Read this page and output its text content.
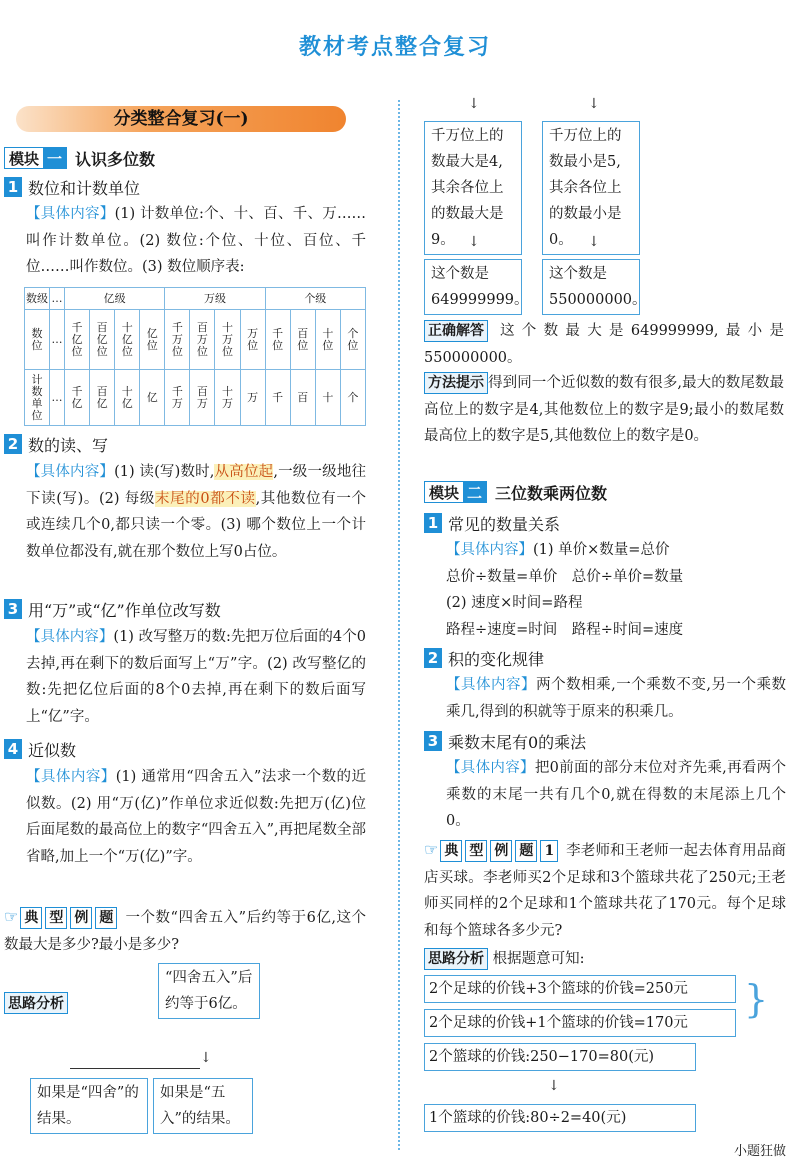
教材考点整合复习
分类整合复习(一)
模块 一 认识多位数
1 数位和计数单位
【具体内容】(1) 计数单位:个、十、百、千、万……叫作计数单位。(2) 数位:个位、十位、百位、千位……叫作数位。(3) 数位顺序表:
数级	…	亿级				万级				个级			

数位	…	千亿位	百亿位	十亿位	亿位	千万位	百万位	十万位	万位	千位	百位	十位	个位

计数单位	…	千亿	百亿	十亿	亿	千万	百万	十万	万	千	百	十	个
2 数的读、写
【具体内容】(1) 读(写)数时,从高位起,一级一级地往下读(写)。(2) 每级末尾的0都不读,其他数位有一个或连续几个0,都只读一个零。(3) 哪个数位上一个计数单位都没有,就在那个数位上写0占位。
3 用“万”或“亿”作单位改写数
【具体内容】(1) 改写整万的数:先把万位后面的4个0去掉,再在剩下的数后面写上“万”字。(2) 改写整亿的数:先把亿位后面的8个0去掉,再在剩下的数后面写上“亿”字。
4 近似数
【具体内容】(1) 通常用“四舍五入”法求一个数的近似数。(2) 用“万(亿)”作单位求近似数:先把万(亿)位后面尾数的最高位上的数字“四舍五入”,再把尾数全部省略,加上一个“万(亿)”字。
☞ 典 型 例 题 一个数“四舍五入”后约等于6亿,这个数最大是多少?最小是多少?
思路分析
“四舍五入”后约等于6亿。
↓
如果是“四舍”的结果。
如果是“五入”的结果。
↓	↓
千万位上的数最大是4,其余各位上的数最大是9。
千万位上的数最小是5,其余各位上的数最小是0。
↓	↓
这个数是649999999。
这个数是550000000。
正确解答 这个数最大是649999999,最小是550000000。
方法提示 得到同一个近似数的数有很多,最大的数尾数最高位上的数字是4,其他数位上的数字是9;最小的数尾数最高位上的数字是5,其他数位上的数字是0。
模块 二 三位数乘两位数
1 常见的数量关系
【具体内容】(1) 单价×数量=总价
总价÷数量=单价　总价÷单价=数量
(2) 速度×时间=路程
路程÷速度=时间　路程÷时间=速度
2 积的变化规律
【具体内容】两个数相乘,一个乘数不变,另一个乘数乘几,得到的积就等于原来的积乘几。
3 乘数末尾有0的乘法
【具体内容】把0前面的部分末位对齐先乘,再看两个乘数的末尾一共有几个0,就在得数的末尾添上几个0。
☞ 典 型 例 题 1 李老师和王老师一起去体育用品商店买球。李老师买2个足球和3个篮球共花了250元;王老师买同样的2个足球和1个篮球共花了170元。每个足球和每个篮球各多少元?
思路分析 根据题意可知:
2个足球的价钱+3个篮球的价钱=250元
2个足球的价钱+1个篮球的价钱=170元
}
2个篮球的价钱:250−170=80(元)
↓
1个篮球的价钱:80÷2=40(元)
小题狂做
